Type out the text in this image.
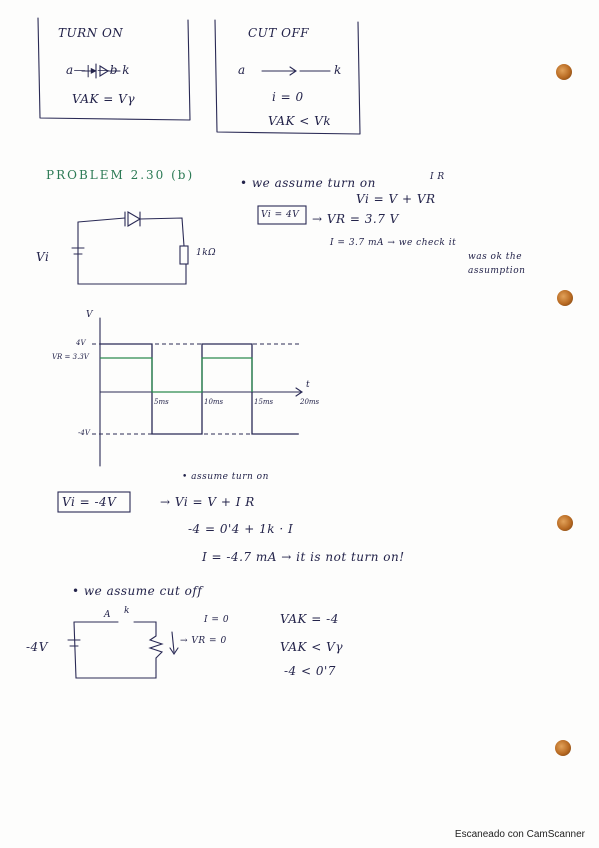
TURN ON
a—|▸—b k
VAK = Vγ
CUT OFF
a	k
i = 0
VAK < Vk
PROBLEM 2.30 (b)
Vi	1kΩ
• we assume turn on	I R
Vi = V + VR
Vi = 4V → VR = 3.7 V
I = 3.7 mA → we check it
was ok the
assumption
V
t
4V
VR = 3.3V
-4V
5ms	10ms	15ms	20ms
• assume turn on
Vi = -4V	→ Vi = V + I R
-4 = 0'4 + 1k · I
I = -4.7 mA → it is not turn on!
• we assume cut off
A k
-4V
I = 0
→ VR = 0
VAK = -4
VAK < Vγ
-4 < 0'7
Escaneado con CamScanner
